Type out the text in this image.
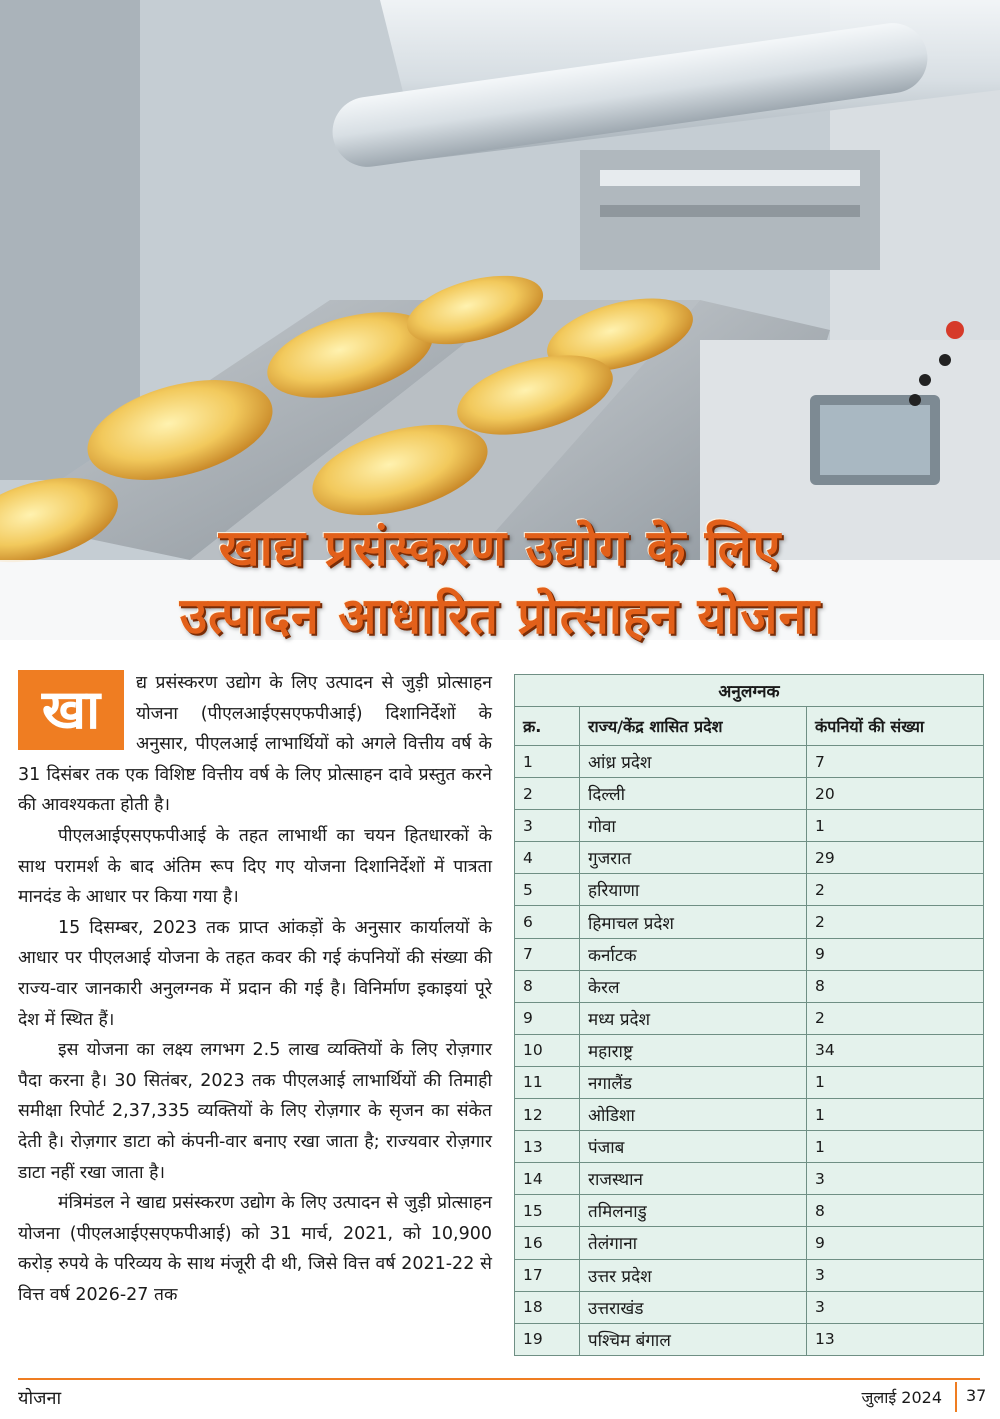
खाद्य प्रसंस्करण उद्योग के लिए
उत्पादन आधारित प्रोत्साहन योजना
खा	द्य प्रसंस्करण उद्योग के लिए उत्पादन से जुड़ी प्रोत्साहन योजना (पीएलआईएसएफपीआई) दिशानिर्देशों के अनुसार, पीएलआई लाभार्थियों को अगले वित्तीय वर्ष के 31 दिसंबर तक एक विशिष्ट वित्तीय वर्ष के लिए प्रोत्साहन दावे प्रस्तुत करने की आवश्यकता होती है।

पीएलआईएसएफपीआई के तहत लाभार्थी का चयन हितधारकों के साथ परामर्श के बाद अंतिम रूप दिए गए योजना दिशानिर्देशों में पात्रता मानदंड के आधार पर किया गया है।

15 दिसम्बर, 2023 तक प्राप्त आंकड़ों के अनुसार कार्यालयों के आधार पर पीएलआई योजना के तहत कवर की गई कंपनियों की संख्या की राज्य-वार जानकारी अनुलग्नक में प्रदान की गई है। विनिर्माण इकाइयां पूरे देश में स्थित हैं।

इस योजना का लक्ष्य लगभग 2.5 लाख व्यक्तियों के लिए रोज़गार पैदा करना है। 30 सितंबर, 2023 तक पीएलआई लाभार्थियों की तिमाही समीक्षा रिपोर्ट 2,37,335 व्यक्तियों के लिए रोज़गार के सृजन का संकेत देती है। रोज़गार डाटा को कंपनी-वार बनाए रखा जाता है; राज्यवार रोज़गार डाटा नहीं रखा जाता है।

मंत्रिमंडल ने खाद्य प्रसंस्करण उद्योग के लिए उत्पादन से जुड़ी प्रोत्साहन योजना (पीएलआईएसएफपीआई) को 31 मार्च, 2021, को 10,900 करोड़ रुपये के परिव्यय के साथ मंजूरी दी थी, जिसे वित्त वर्ष 2021-22 से वित्त वर्ष 2026-27 तक

अनुलग्नक		
क्र.	राज्य/केंद्र शासित प्रदेश	कंपनियों की संख्या
1	आंध्र प्रदेश	7
2	दिल्ली	20
3	गोवा	1
4	गुजरात	29
5	हरियाणा	2
6	हिमाचल प्रदेश	2
7	कर्नाटक	9
8	केरल	8
9	मध्य प्रदेश	2
10	महाराष्ट्र	34
11	नगालैंड	1
12	ओडिशा	1
13	पंजाब	1
14	राजस्थान	3
15	तमिलनाडु	8
16	तेलंगाना	9
17	उत्तर प्रदेश	3
18	उत्तराखंड	3
19	पश्चिम बंगाल	13
योजना	जुलाई 2024 37
